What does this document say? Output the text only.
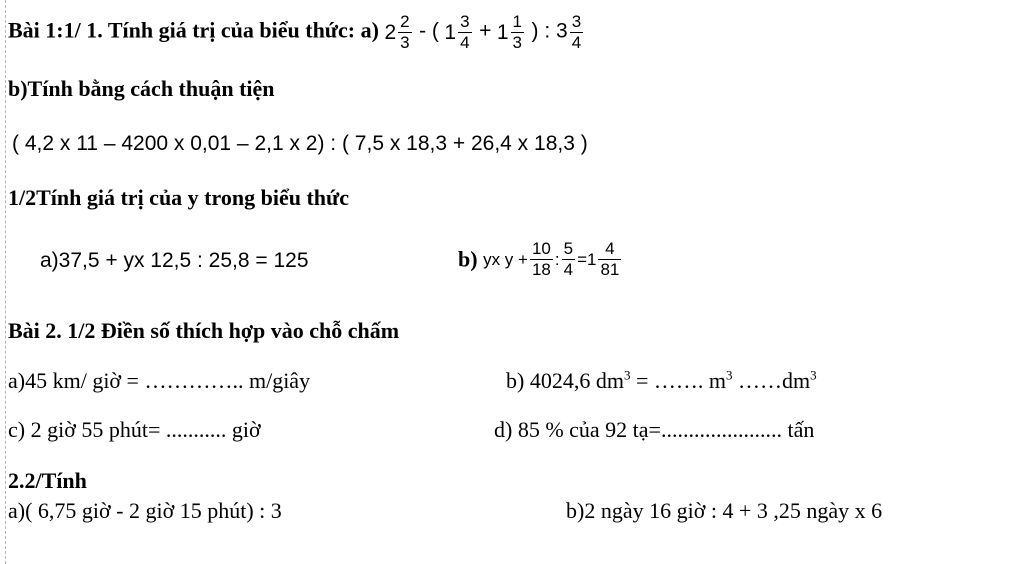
Bài 1:1/ 1. Tính giá trị của biểu thức: a) $2 \frac{2}{3}$ - ( $1 \frac{3}{4} + 1 \frac{1}{3}$ ) : $3 \frac{3}{4}$
b)Tính bằng cách thuận tiện
( 4,2 x 11 – 4200 x 0,01 – 2,1 x 2) : ( 7,5 x 18,3 + 26,4 x 18,3 )
1/2Tính giá trị của y trong biểu thức
a)37,5 + yx 12,5 : 25,8 = 125	b) yx $y + \frac{10}{18}$ : $\frac{5}{4} =1 \frac{4}{81}$
Bài 2. 1/2 Điền số thích hợp vào chỗ chấm
a)45 km/ giờ = ………….. m/giây	b) 4024,6 $dm^3$ = ……. $m^3$ $\dots\dots dm^3$
c) 2 giờ 55 phút= ........... giờ	d) 85 % của 92 tạ=...................... tấn
2.2/Tính
a)( 6,75 giờ - 2 giờ 15 phút) : 3	b)2 ngày 16 giờ : 4 + 3 ,25 ngày x 6
